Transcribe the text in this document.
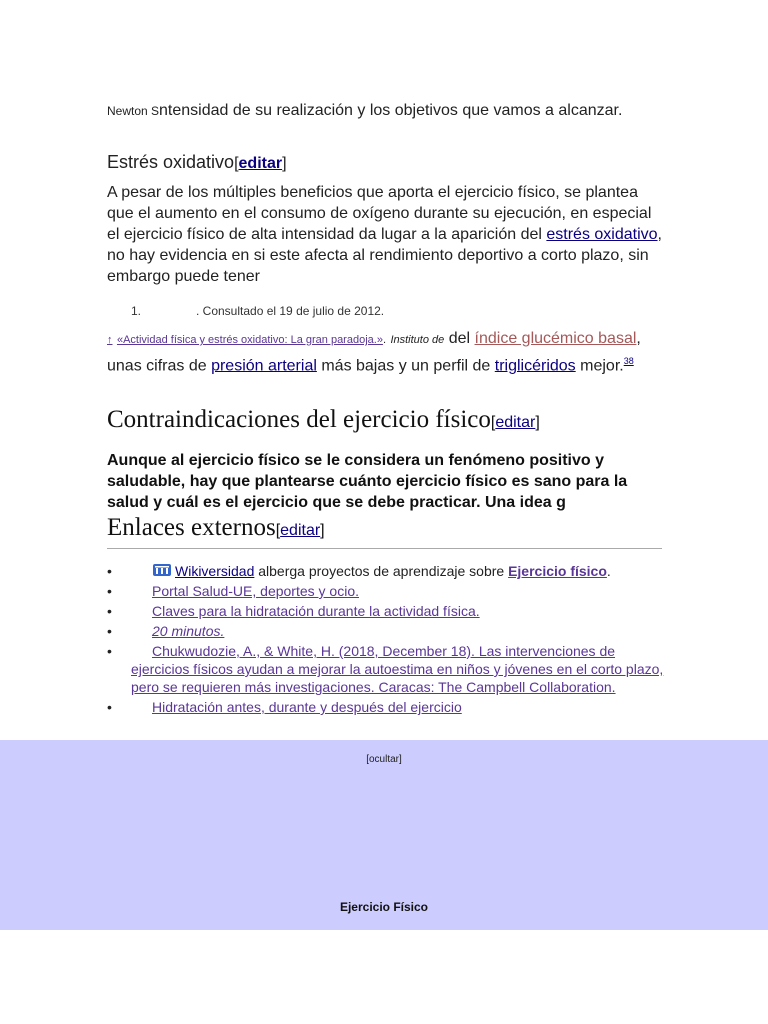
Newton Sntensidad de su realización y los objetivos que vamos a alcanzar.
Estrés oxidativo[editar]
A pesar de los múltiples beneficios que aporta el ejercicio físico, se plantea que el aumento en el consumo de oxígeno durante su ejecución, en especial el ejercicio físico de alta intensidad da lugar a la aparición del estrés oxidativo, no hay evidencia en si este afecta al rendimiento deportivo a corto plazo, sin embargo puede tener
1.	. Consultado el 19 de julio de 2012.
↑ «Actividad física y estrés oxidativo: La gran paradoja.». Instituto de del índice glucémico basal, unas cifras de presión arterial más bajas y un perfil de triglicéridos mejor.$^{38}$
Contraindicaciones del ejercicio físico[editar]
Aunque al ejercicio físico se le considera un fenómeno positivo y saludable, hay que plantearse cuánto ejercicio físico es sano para la salud y cuál es el ejercicio que se debe practicar. Una idea g
Enlaces externos[editar]
•	Wikiversidad alberga proyectos de aprendizaje sobre Ejercicio físico.
•	Portal Salud-UE, deportes y ocio.
•	Claves para la hidratación durante la actividad física.
•	20 minutos.
•	Chukwudozie, A., & White, H. (2018, December 18). Las intervenciones de ejercicios físicos ayudan a mejorar la autoestima en niños y jóvenes en el corto plazo, pero se requieren más investigaciones. Caracas: The Campbell Collaboration.
•	Hidratación antes, durante y después del ejercicio
[ocultar]
Ejercicio Físico
